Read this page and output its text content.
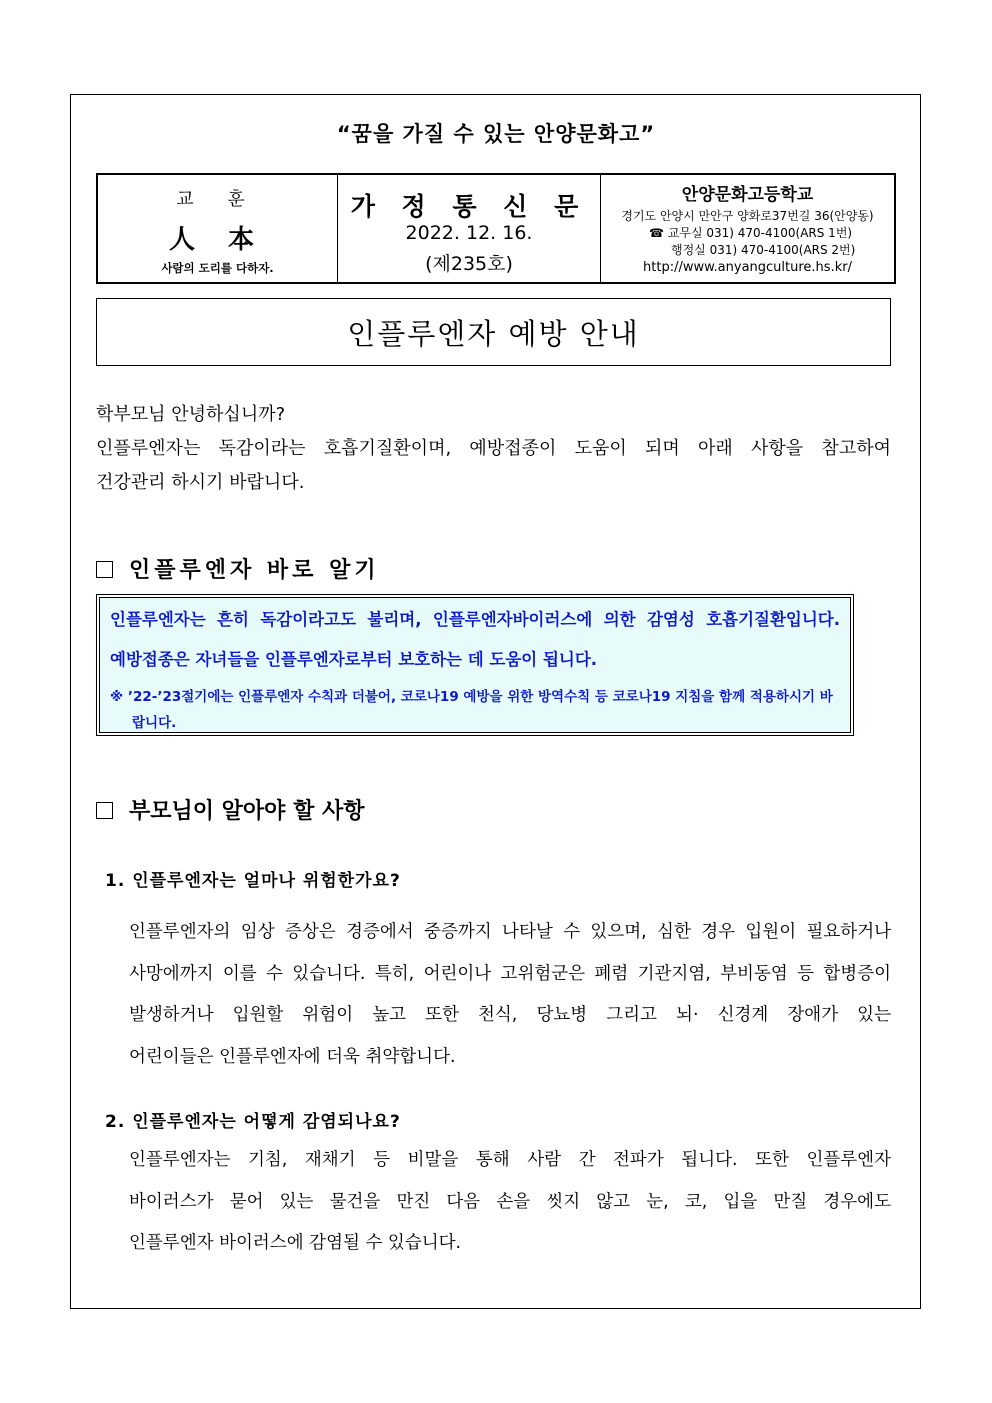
“꿈을 가질 수 있는 안양문화고”
교 훈
人 本
사람의 도리를 다하자.
가 정 통 신 문
2022. 12. 16.
(제235호)
안양문화고등학교
경기도 안양시 만안구 양화로37번길 36(안양동)
☎ 교무실 031) 470-4100(ARS 1번)
행정실 031) 470-4100(ARS 2번)
http://www.anyangculture.hs.kr/
인플루엔자 예방 안내
학부모님 안녕하십니까?
인플루엔자는 독감이라는 호흡기질환이며, 예방접종이 도움이 되며 아래 사항을 참고하여
건강관리 하시기 바랍니다.
인플루엔자 바로 알기
인플루엔자는 흔히 독감이라고도 불리며, 인플루엔자바이러스에 의한 감염성 호흡기질환입니다.
예방접종은 자녀들을 인플루엔자로부터 보호하는 데 도움이 됩니다.
※ ’22-’23절기에는 인플루엔자 수칙과 더불어, 코로나19 예방을 위한 방역수칙 등 코로나19 지침을 함께 적용하시기 바랍니다.
부모님이 알아야 할 사항
1. 인플루엔자는 얼마나 위험한가요?
인플루엔자의 임상 증상은 경증에서 중증까지 나타날 수 있으며, 심한 경우 입원이 필요하거나
사망에까지 이를 수 있습니다. 특히, 어린이나 고위험군은 폐렴 기관지염, 부비동염 등 합병증이
발생하거나 입원할 위험이 높고 또한 천식, 당뇨병 그리고 뇌· 신경계 장애가 있는
어린이들은 인플루엔자에 더욱 취약합니다.
2. 인플루엔자는 어떻게 감염되나요?
인플루엔자는 기침, 재채기 등 비말을 통해 사람 간 전파가 됩니다. 또한 인플루엔자
바이러스가 묻어 있는 물건을 만진 다음 손을 씻지 않고 눈, 코, 입을 만질 경우에도
인플루엔자 바이러스에 감염될 수 있습니다.
